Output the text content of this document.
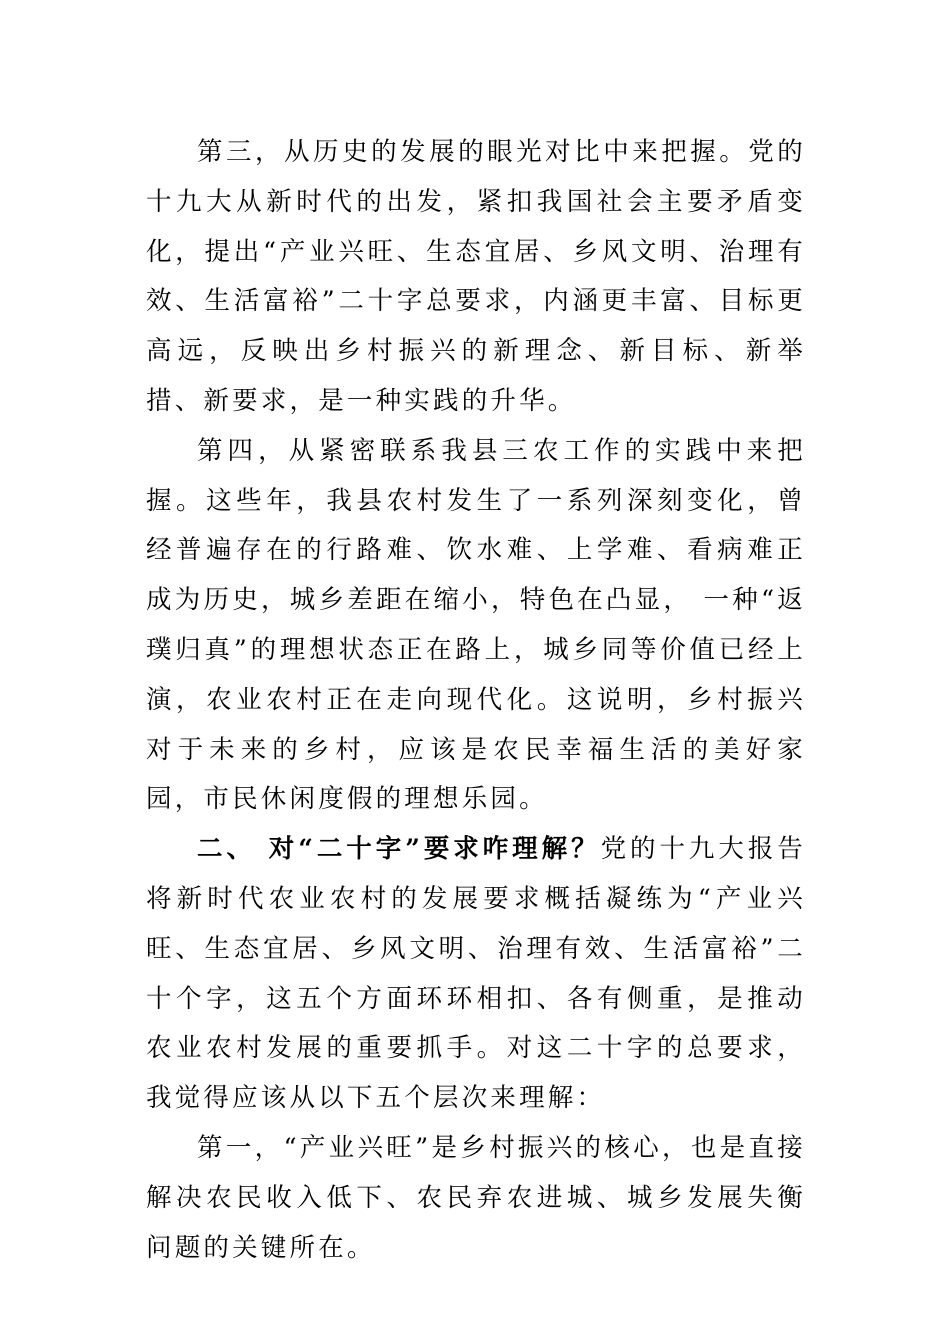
第三，从历史的发展的眼光对比中来把握。党的十九大从新时代的出发，紧扣我国社会主要矛盾变化，提出“产业兴旺、生态宜居、乡风文明、治理有效、生活富裕”二十字总要求，内涵更丰富、目标更高远，反映出乡村振兴的新理念、新目标、新举措、新要求，是一种实践的升华。

第四，从紧密联系我县三农工作的实践中来把握。这些年，我县农村发生了一系列深刻变化，曾经普遍存在的行路难、饮水难、上学难、看病难正成为历史，城乡差距在缩小，特色在凸显， 一种“返璞归真”的理想状态正在路上，城乡同等价值已经上演，农业农村正在走向现代化。这说明，乡村振兴对于未来的乡村，应该是农民幸福生活的美好家园，市民休闲度假的理想乐园。

二、 对“二十字”要求咋理解？党的十九大报告将新时代农业农村的发展要求概括凝练为“产业兴旺、生态宜居、乡风文明、治理有效、生活富裕”二十个字，这五个方面环环相扣、各有侧重，是推动农业农村发展的重要抓手。对这二十字的总要求，我觉得应该从以下五个层次来理解：

第一，“产业兴旺”是乡村振兴的核心，也是直接解决农民收入低下、农民弃农进城、城乡发展失衡问题的关键所在。
